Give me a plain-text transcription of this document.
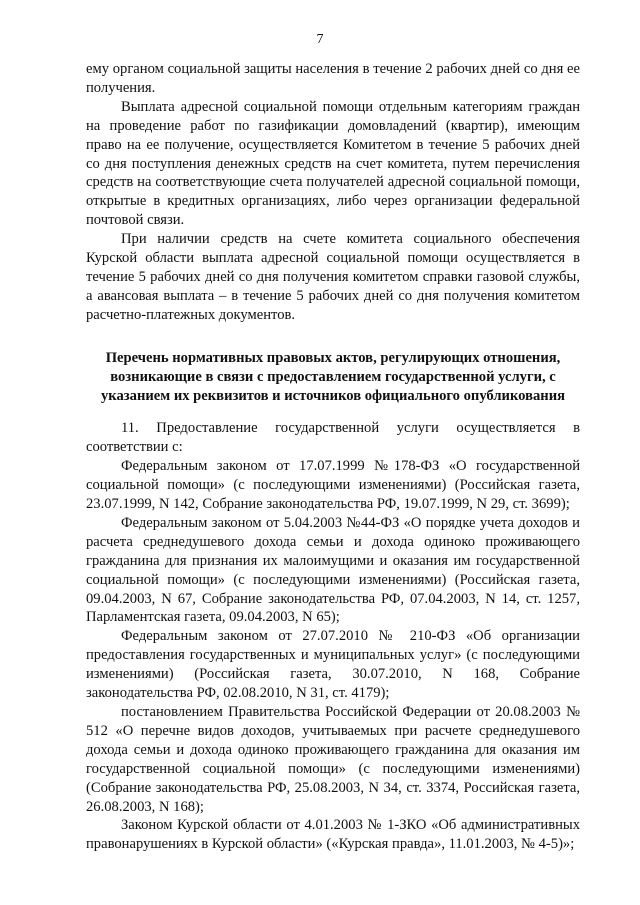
7

ему органом социальной защиты населения в течение 2 рабочих дней со дня ее получения.

Выплата адресной социальной помощи отдельным категориям граждан на проведение работ по газификации домовладений (квартир), имеющим право на ее получение, осуществляется Комитетом в течение 5 рабочих дней со дня поступления денежных средств на счет комитета, путем перечисления средств на соответствующие счета получателей адресной социальной помощи, открытые в кредитных организациях, либо через организации федеральной почтовой связи.

При наличии средств на счете комитета социального обеспечения Курской области выплата адресной социальной помощи осуществляется в течение 5 рабочих дней со дня получения комитетом справки газовой службы, а авансовая выплата – в течение 5 рабочих дней со дня получения комитетом расчетно-платежных документов.

Перечень нормативных правовых актов, регулирующих отношения, возникающие в связи с предоставлением государственной услуги, с указанием их реквизитов и источников официального опубликования

11. Предоставление государственной услуги осуществляется в соответствии с:

Федеральным законом от 17.07.1999 №178-ФЗ «О государственной социальной помощи» (с последующими изменениями) (Российская газета, 23.07.1999, N 142, Собрание законодательства РФ, 19.07.1999, N 29, ст. 3699);

Федеральным законом от 5.04.2003 №44-ФЗ «О порядке учета доходов и расчета среднедушевого дохода семьи и дохода одиноко проживающего гражданина для признания их малоимущими и оказания им государственной социальной помощи» (с последующими изменениями) (Российская газета, 09.04.2003, N 67, Собрание законодательства РФ, 07.04.2003, N 14, ст. 1257, Парламентская газета, 09.04.2003, N 65);

Федеральным законом от 27.07.2010 № 210-ФЗ «Об организации предоставления государственных и муниципальных услуг» (с последующими изменениями) (Российская газета, 30.07.2010, N 168, Собрание законодательства РФ, 02.08.2010, N 31, ст. 4179);

постановлением Правительства Российской Федерации от 20.08.2003 № 512 «О перечне видов доходов, учитываемых при расчете среднедушевого дохода семьи и дохода одиноко проживающего гражданина для оказания им государственной социальной помощи» (с последующими изменениями) (Собрание законодательства РФ, 25.08.2003, N 34, ст. 3374, Российская газета, 26.08.2003, N 168);

Законом Курской области от 4.01.2003 № 1-ЗКО «Об административных правонарушениях в Курской области» («Курская правда», 11.01.2003, № 4-5)»;
